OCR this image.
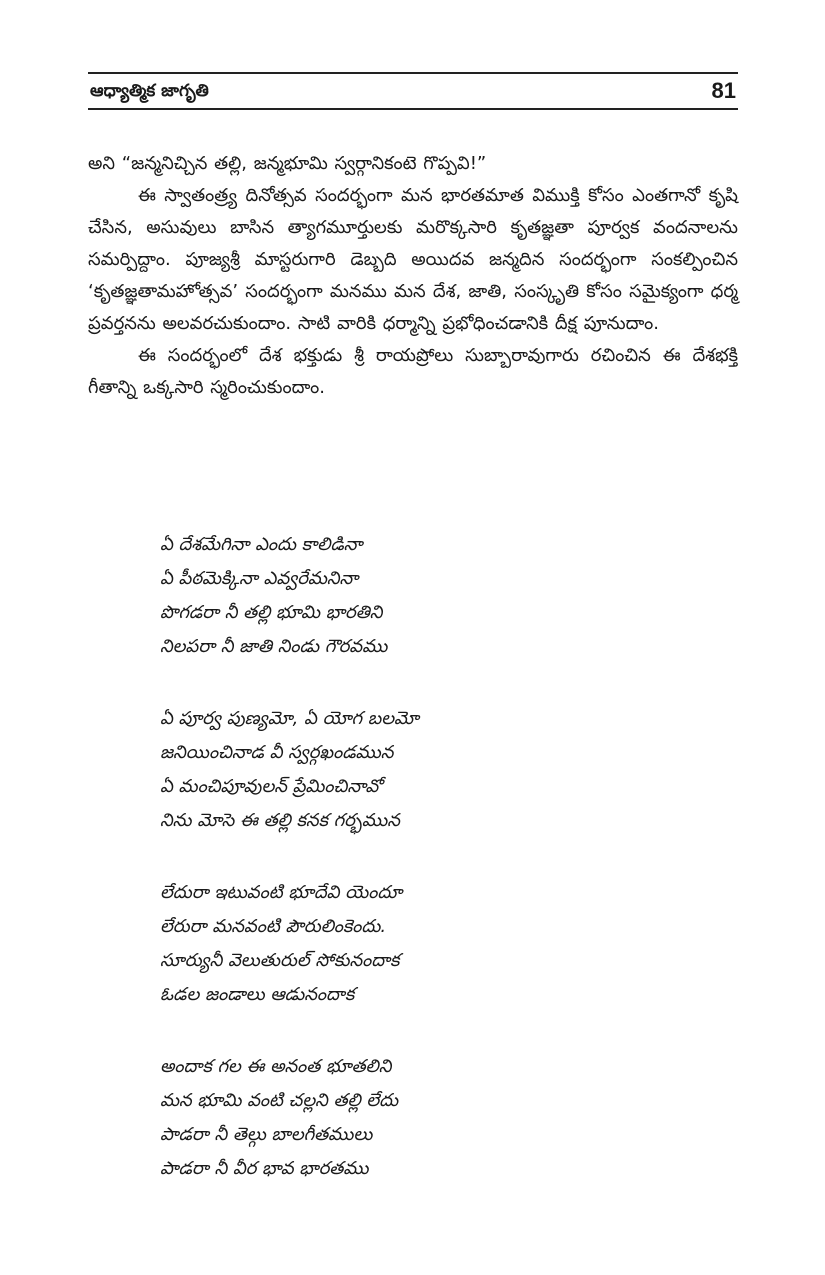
ఆధ్యాత్మిక జాగృతి	81

అని “జన్మనిచ్చిన తల్లి, జన్మభూమి స్వర్గానికంటె గొప్పవి!”

ఈ స్వాతంత్ర్య దినోత్సవ సందర్భంగా మన భారతమాత విముక్తి కోసం ఎంతగానో కృషి చేసిన, అసువులు బాసిన త్యాగమూర్తులకు మరొక్కసారి కృతజ్ఞతా పూర్వక వందనాలను సమర్పిద్దాం. పూజ్యశ్రీ మాస్టరుగారి డెబ్బది అయిదవ జన్మదిన సందర్భంగా సంకల్పించిన ‘కృతజ్ఞతామహోత్సవ’ సందర్భంగా మనము మన దేశ, జాతి, సంస్కృతి కోసం సమైక్యంగా ధర్మ ప్రవర్తనను అలవరచుకుందాం. సాటి వారికి ధర్మాన్ని ప్రభోధించడానికి దీక్ష పూనుదాం.

ఈ సందర్భంలో దేశ భక్తుడు శ్రీ రాయప్రోలు సుబ్బారావుగారు రచించిన ఈ దేశభక్తి గీతాన్ని ఒక్కసారి స్మరించుకుందాం.

ఏ దేశమేగినా ఎందు కాలిడినా
ఏ పీఠమెక్కినా ఎవ్వరేమనినా
పొగడరా నీ తల్లి భూమి భారతిని
నిలపరా నీ జాతి నిండు గౌరవము
ఏ పూర్వ పుణ్యమో, ఏ యోగ బలమో
జనియించినాడ వీ స్వర్గఖండమున
ఏ మంచిపూవులన్ ప్రేమించినావో
నిను మోసె ఈ తల్లి కనక గర్భమున
లేదురా ఇటువంటి భూదేవి యెందూ
లేరురా మనవంటి పౌరులింకెందు.
సూర్యునీ వెలుతురుల్ సోకునందాక
ఓడల జండాలు ఆడునందాక
అందాక గల ఈ అనంత భూతలిని
మన భూమి వంటి చల్లని తల్లి లేదు
పాడరా నీ తెల్గు బాలగీతములు
పాడరా నీ వీర భావ భారతము
